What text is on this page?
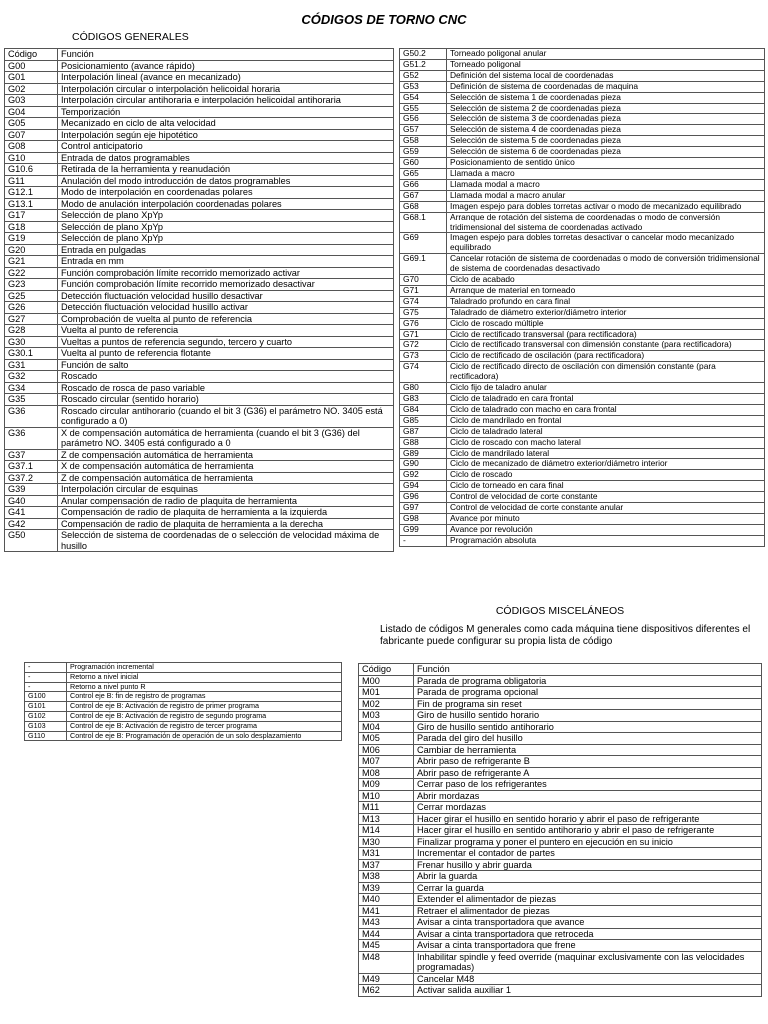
CÓDIGOS DE TORNO CNC
CÓDIGOS GENERALES
Código	Función
G00	Posicionamiento (avance rápido)
G01	Interpolación lineal (avance en mecanizado)
G02	Interpolación circular o interpolación helicoidal horaria
G03	Interpolación circular antihoraria e interpolación helicoidal antihoraria
G04	Temporización
G05	Mecanizado en ciclo de alta velocidad
G07	Interpolación según eje hipotético
G08	Control anticipatorio
G10	Entrada de datos programables
G10.6	Retirada de la herramienta y reanudación
G11	Anulación del modo introducción de datos programables
G12.1	Modo de interpolación en coordenadas polares
G13.1	Modo de anulación interpolación coordenadas polares
G17	Selección de plano XpYp
G18	Selección de plano XpYp
G19	Selección de plano XpYp
G20	Entrada en pulgadas
G21	Entrada en mm
G22	Función comprobación límite recorrido memorizado activar
G23	Función comprobación límite recorrido memorizado desactivar
G25	Detección fluctuación velocidad husillo desactivar
G26	Detección fluctuación velocidad husillo activar
G27	Comprobación de vuelta al punto de referencia
G28	Vuelta al punto de referencia
G30	Vueltas a puntos de referencia segundo, tercero y cuarto
G30.1	Vuelta al punto de referencia flotante
G31	Función de salto
G32	Roscado
G34	Roscado de rosca de paso variable
G35	Roscado circular (sentido horario)
G36	Roscado circular antihorario (cuando el bit 3 (G36) el parámetro NO. 3405 está configurado a 0)
G36	X de compensación automática de herramienta (cuando el bit 3 (G36) del parámetro NO. 3405 está configurado a 0
G37	Z de compensación automática de herramienta
G37.1	X de compensación automática de herramienta
G37.2	Z de compensación automática de herramienta
G39	Interpolación circular de esquinas
G40	Anular compensación de radio de plaquita de herramienta
G41	Compensación de radio de plaquita de herramienta a la izquierda
G42	Compensación de radio de plaquita de herramienta a la derecha
G50	Selección de sistema de coordenadas de o selección de velocidad máxima de husillo
G50.2	Torneado poligonal anular
G51.2	Torneado poligonal
G52	Definición del sistema local de coordenadas
G53	Definición de sistema de coordenadas de maquina
G54	Selección de sistema 1 de coordenadas pieza
G55	Selección de sistema 2 de coordenadas pieza
G56	Selección de sistema 3 de coordenadas pieza
G57	Selección de sistema 4 de coordenadas pieza
G58	Selección de sistema 5 de coordenadas pieza
G59	Selección de sistema 6 de coordenadas pieza
G60	Posicionamiento de sentido único
G65	Llamada a macro
G66	Llamada modal a macro
G67	Llamada modal a macro anular
G68	Imagen espejo para dobles torretas activar o modo de mecanizado equilibrado
G68.1	Arranque de rotación del sistema de coordenadas o modo de conversión tridimensional del sistema de coordenadas activado
G69	Imagen espejo para dobles torretas desactivar o cancelar modo mecanizado equilibrado
G69.1	Cancelar rotación de sistema de coordenadas o modo de conversión tridimensional de sistema de coordenadas desactivado
G70	Ciclo de acabado
G71	Arranque de material en torneado
G74	Taladrado profundo en cara final
G75	Taladrado de diámetro exterior/diámetro interior
G76	Ciclo de roscado múltiple
G71	Ciclo de rectificado transversal (para rectificadora)
G72	Ciclo de rectificado transversal con dimensión constante (para rectificadora)
G73	Ciclo de rectificado de oscilación (para rectificadora)
G74	Ciclo de rectificado directo de oscilación con dimensión constante (para rectificadora)
G80	Ciclo fijo de taladro anular
G83	Ciclo de taladrado en cara frontal
G84	Ciclo de taladrado con macho en cara frontal
G85	Ciclo de mandrilado en frontal
G87	Ciclo de taladrado lateral
G88	Ciclo de roscado con macho lateral
G89	Ciclo de mandrilado lateral
G90	Ciclo de mecanizado de diámetro exterior/diámetro interior
G92	Ciclo de roscado
G94	Ciclo de torneado en cara final
G96	Control de velocidad de corte constante
G97	Control de velocidad de corte constante anular
G98	Avance por minuto
G99	Avance por revolución
-	Programación absoluta
CÓDIGOS MISCELÁNEOS
Listado de códigos M generales como cada máquina tiene dispositivos diferentes el fabricante puede configurar su propia lista de código
-	Programación incremental
-	Retorno a nivel inicial
-	Retorno a nivel punto R
G100	Control eje B: fin de registro de programas
G101	Control de eje B: Activación de registro de primer programa
G102	Control de eje B: Activación de registro de segundo programa
G103	Control de eje B: Activación de registro de tercer programa
G110	Control de eje B: Programación de operación de un solo desplazamiento
Código	Función
M00	Parada de programa obligatoria
M01	Parada de programa opcional
M02	Fin de programa sin reset
M03	Giro de husillo sentido horario
M04	Giro de husillo sentido antihorario
M05	Parada del giro del husillo
M06	Cambiar de herramienta
M07	Abrir paso de refrigerante B
M08	Abrir paso de refrigerante A
M09	Cerrar paso de los refrigerantes
M10	Abrir mordazas
M11	Cerrar mordazas
M13	Hacer girar el husillo en sentido horario y abrir el paso de refrigerante
M14	Hacer girar el husillo en sentido antihorario y abrir el paso de refrigerante
M30	Finalizar programa y poner el puntero en ejecución en su inicio
M31	Incrementar el contador de partes
M37	Frenar husillo y abrir guarda
M38	Abrir la guarda
M39	Cerrar la guarda
M40	Extender el alimentador de piezas
M41	Retraer el alimentador de piezas
M43	Avisar a cinta transportadora que avance
M44	Avisar a cinta transportadora que retroceda
M45	Avisar a cinta transportadora que frene
M48	Inhabilitar spindle y feed override (maquinar exclusivamente con las velocidades programadas)
M49	Cancelar M48
M62	Activar salida auxiliar 1
